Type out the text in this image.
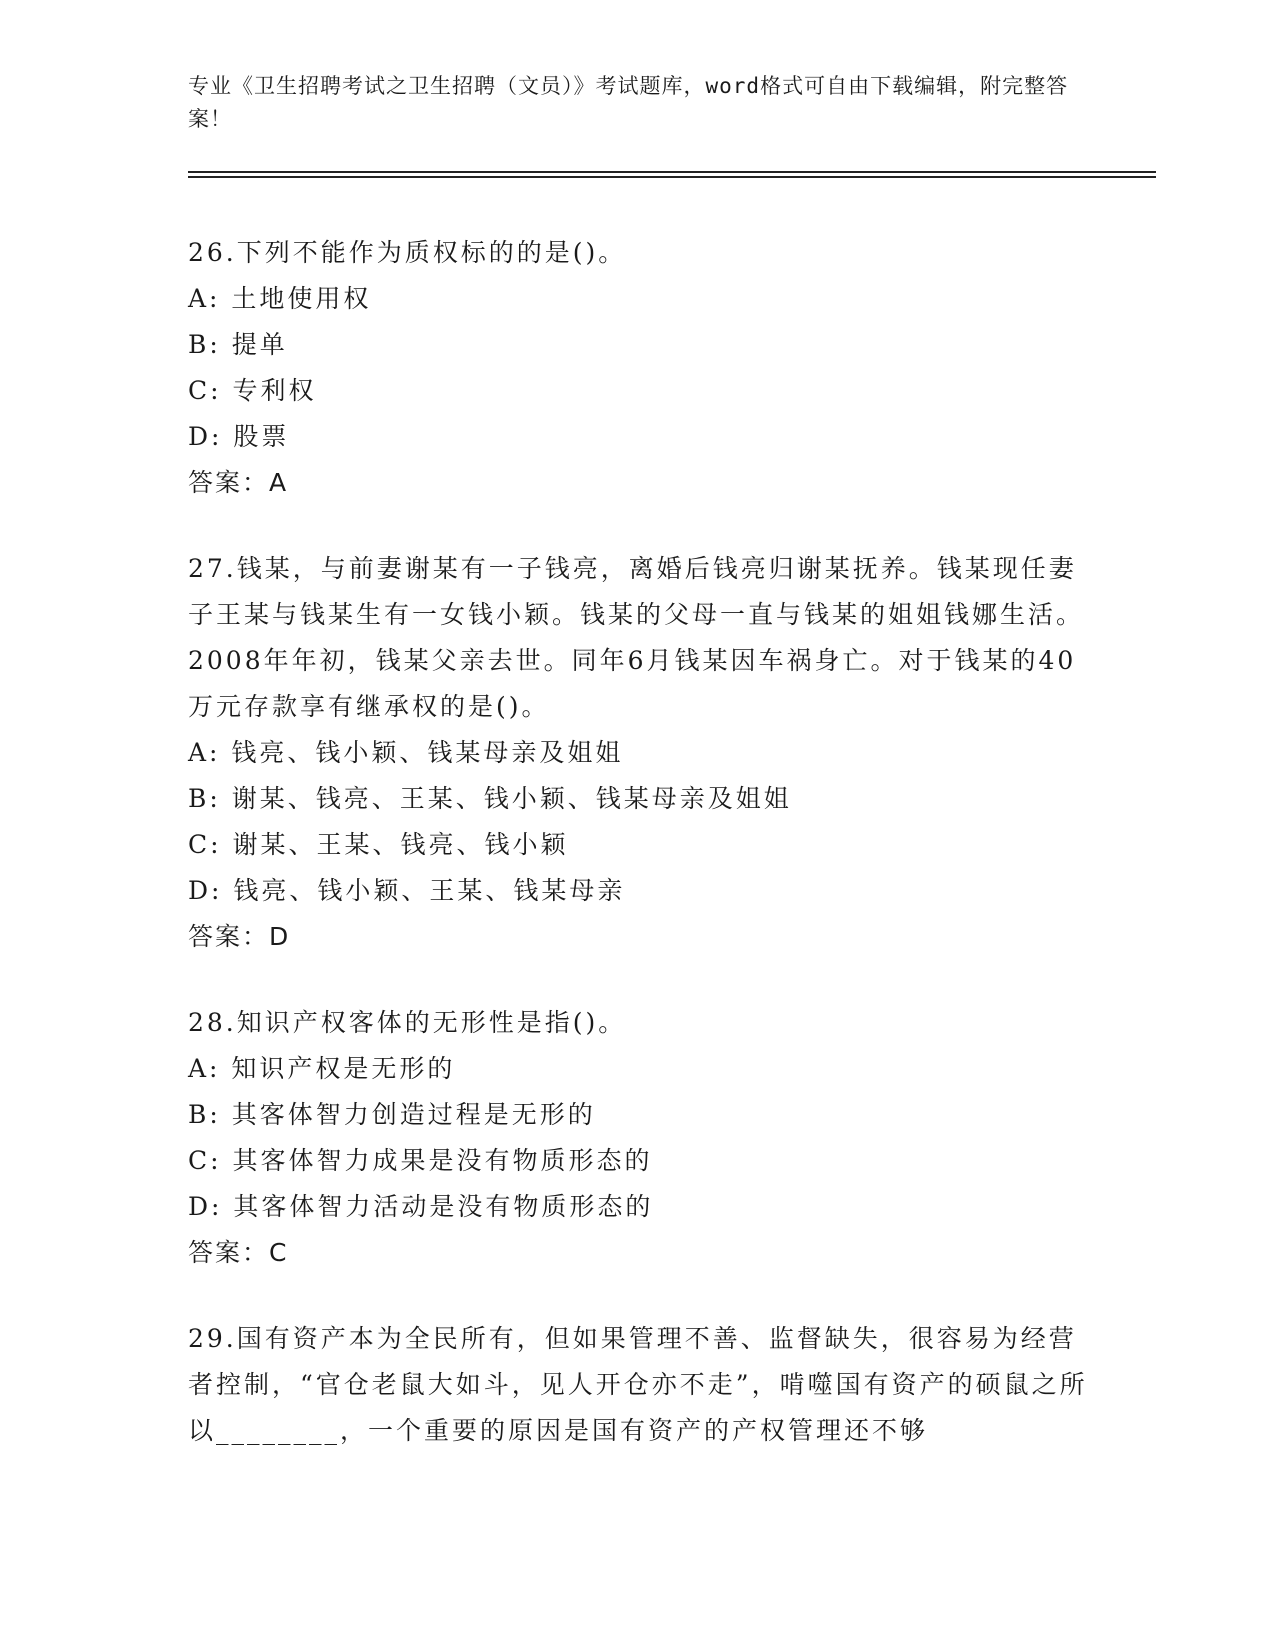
专业《卫生招聘考试之卫生招聘（文员）》考试题库，word格式可自由下载编辑，附完整答案！
26.下列不能作为质权标的的是()。
A: 土地使用权
B: 提单
C: 专利权
D: 股票
答案：A
27.钱某，与前妻谢某有一子钱亮，离婚后钱亮归谢某抚养。钱某现任妻子王某与钱某生有一女钱小颖。钱某的父母一直与钱某的姐姐钱娜生活。2008年年初，钱某父亲去世。同年6月钱某因车祸身亡。对于钱某的40万元存款享有继承权的是()。
A: 钱亮、钱小颖、钱某母亲及姐姐
B: 谢某、钱亮、王某、钱小颖、钱某母亲及姐姐
C: 谢某、王某、钱亮、钱小颖
D: 钱亮、钱小颖、王某、钱某母亲
答案：D
28.知识产权客体的无形性是指()。
A: 知识产权是无形的
B: 其客体智力创造过程是无形的
C: 其客体智力成果是没有物质形态的
D: 其客体智力活动是没有物质形态的
答案：C
29.国有资产本为全民所有，但如果管理不善、监督缺失，很容易为经营者控制，“官仓老鼠大如斗，见人开仓亦不走”，啃噬国有资产的硕鼠之所以________，一个重要的原因是国有资产的产权管理还不够
